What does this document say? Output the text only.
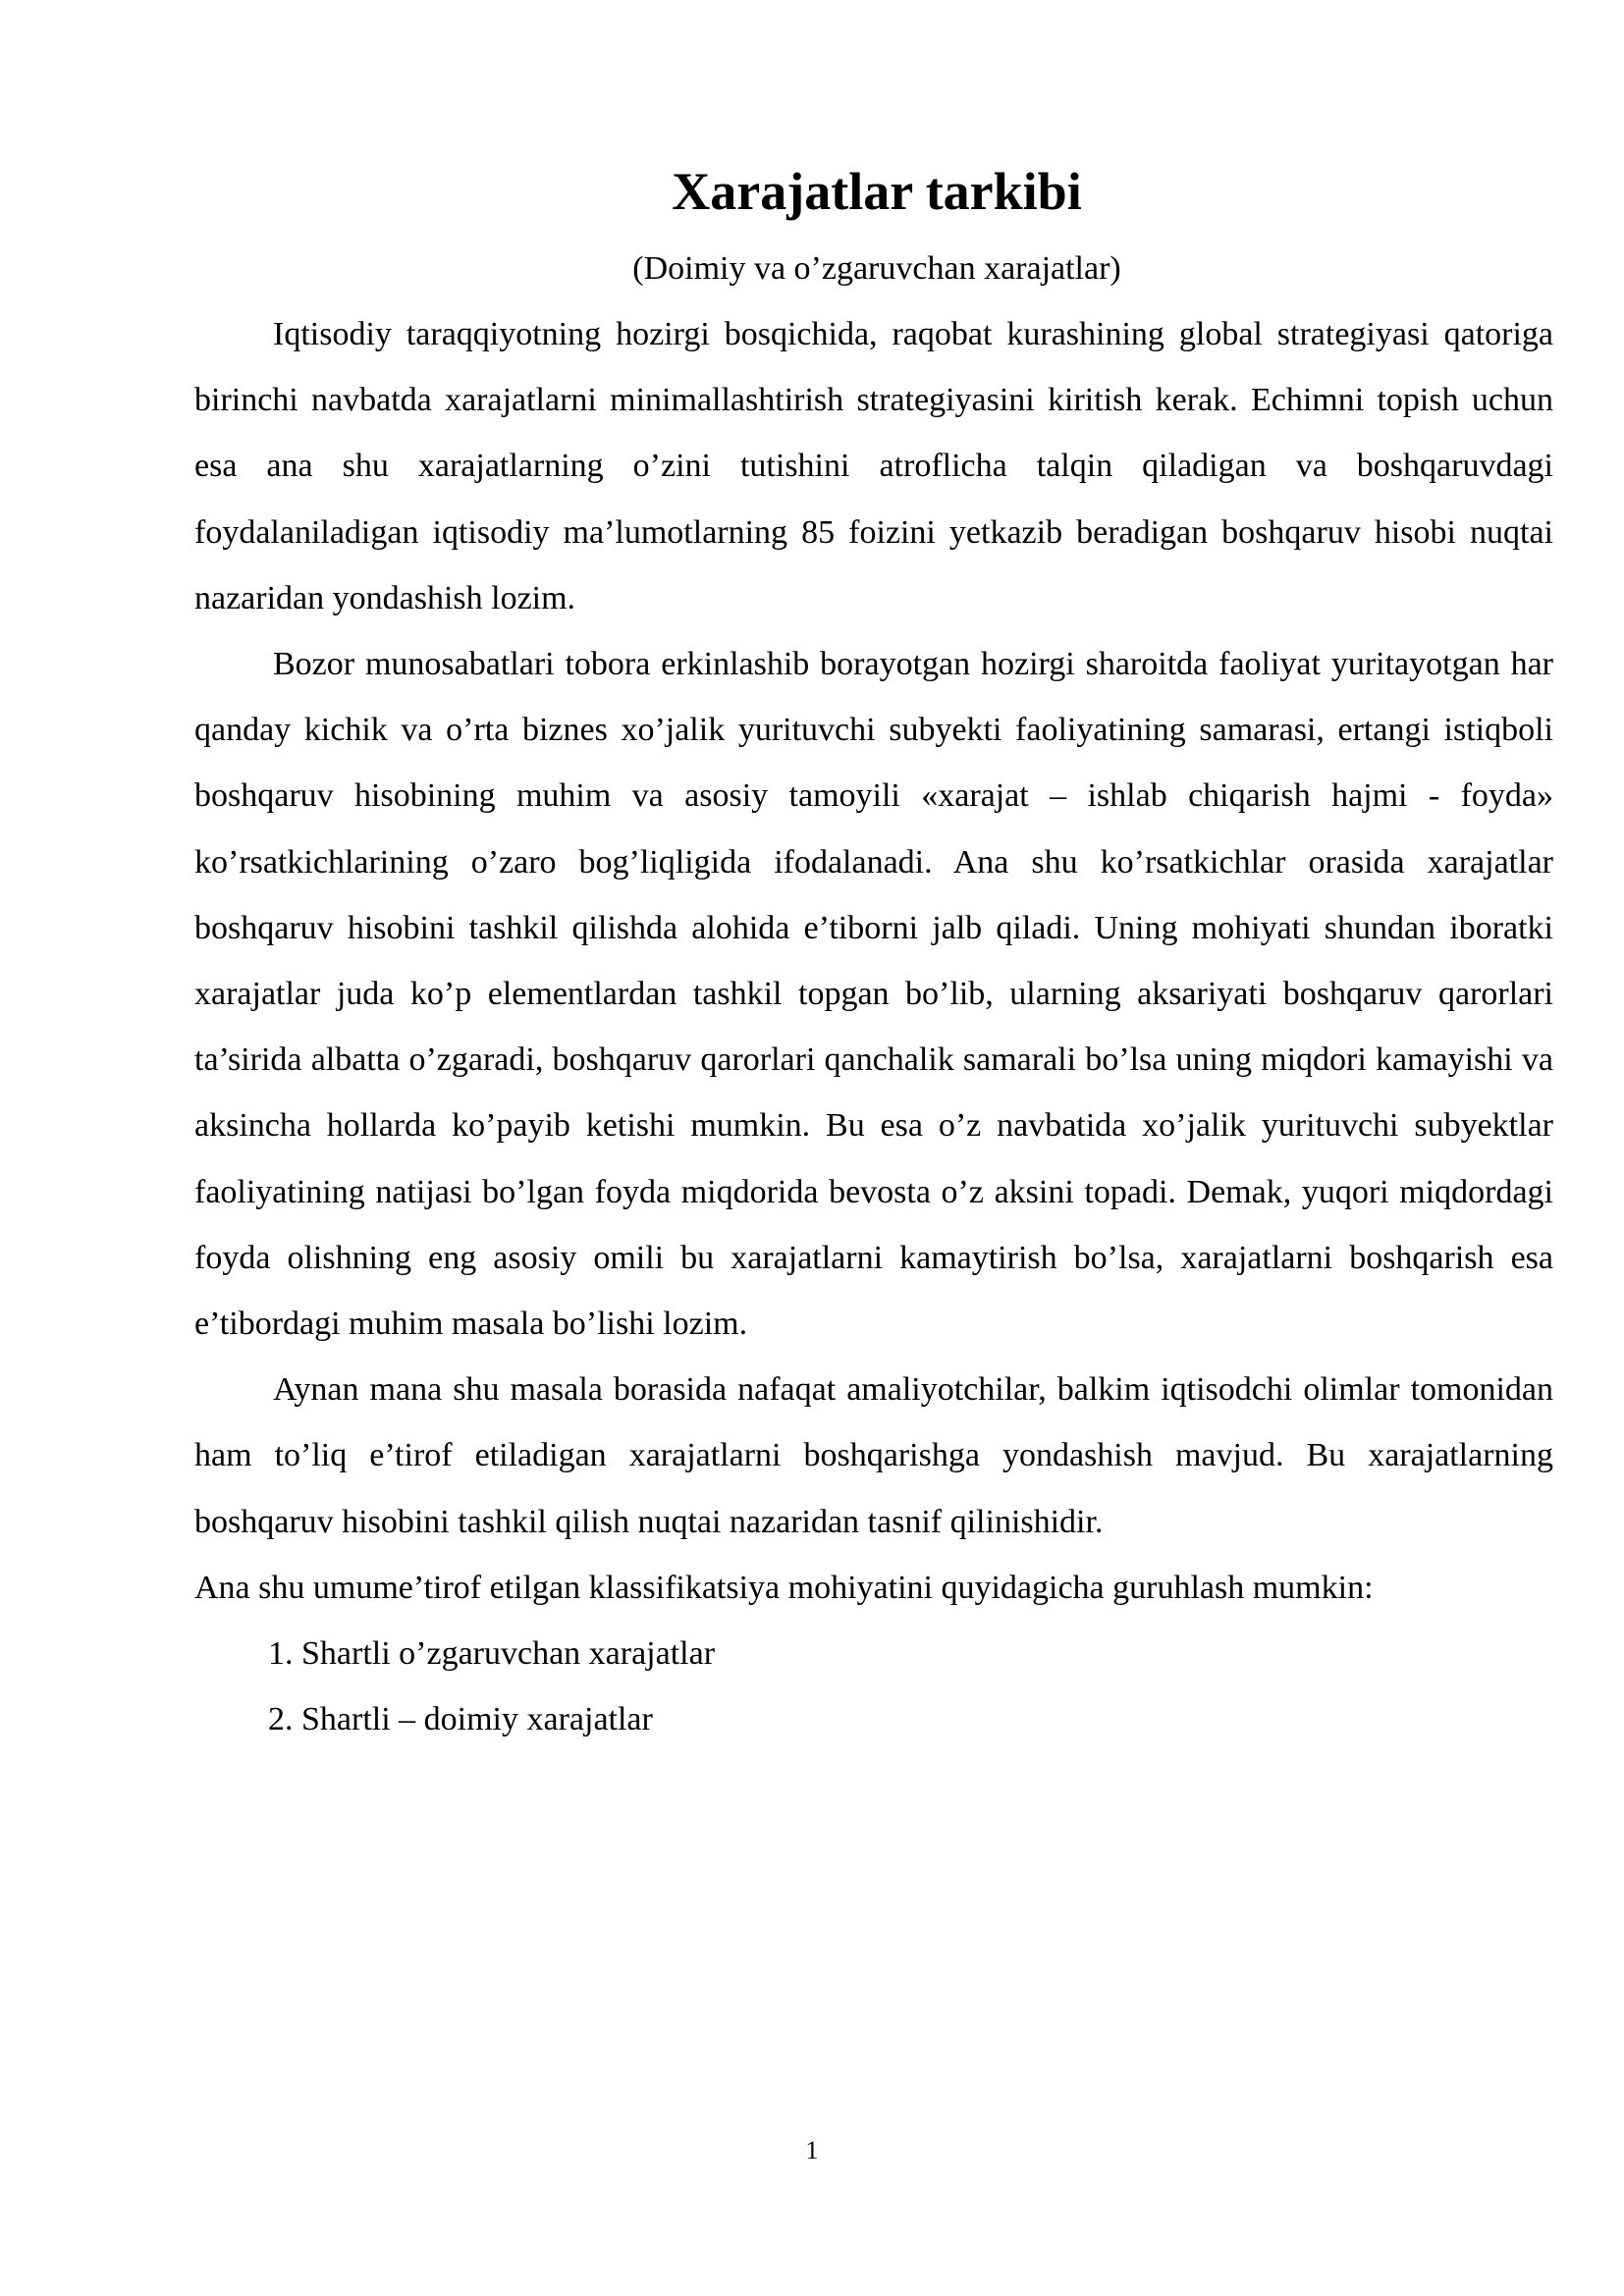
Xarajatlar tarkibi

(Doimiy va o’zgaruvchan xarajatlar)

Iqtisodiy taraqqiyotning hozirgi bosqichida, raqobat kurashining global strategiyasi qatoriga birinchi navbatda xarajatlarni minimallashtirish strategiyasini kiritish kerak. Echimni topish uchun esa ana shu xarajatlarning o’zini tutishini atroflicha talqin qiladigan va boshqaruvdagi foydalaniladigan iqtisodiy ma’lumotlarning 85 foizini yetkazib beradigan boshqaruv hisobi nuqtai nazaridan yondashish lozim.

Bozor munosabatlari tobora erkinlashib borayotgan hozirgi sharoitda faoliyat yuritayotgan har qanday kichik va o’rta biznes xo’jalik yurituvchi subyekti faoliyatining samarasi, ertangi istiqboli boshqaruv hisobining muhim va asosiy tamoyili «xarajat – ishlab chiqarish hajmi - foyda» ko’rsatkichlarining o’zaro bog’liqligida ifodalanadi. Ana shu ko’rsatkichlar orasida xarajatlar boshqaruv hisobini tashkil qilishda alohida e’tiborni jalb qiladi. Uning mohiyati shundan iboratki xarajatlar juda ko’p elementlardan tashkil topgan bo’lib, ularning aksariyati boshqaruv qarorlari ta’sirida albatta o’zgaradi, boshqaruv qarorlari qanchalik samarali bo’lsa uning miqdori kamayishi va aksincha hollarda ko’payib ketishi mumkin. Bu esa o’z navbatida xo’jalik yurituvchi subyektlar faoliyatining natijasi bo’lgan foyda miqdorida bevosta o’z aksini topadi. Demak, yuqori miqdordagi foyda olishning eng asosiy omili bu xarajatlarni kamaytirish bo’lsa, xarajatlarni boshqarish esa e’tibordagi muhim masala bo’lishi lozim.

Aynan mana shu masala borasida nafaqat amaliyotchilar, balkim iqtisodchi olimlar tomonidan ham to’liq e’tirof etiladigan xarajatlarni boshqarishga yondashish mavjud. Bu xarajatlarning boshqaruv hisobini tashkil qilish nuqtai nazaridan tasnif qilinishidir.

Ana shu umume’tirof etilgan klassifikatsiya mohiyatini quyidagicha guruhlash mumkin:

1. Shartli o’zgaruvchan xarajatlar
2. Shartli – doimiy xarajatlar
1
